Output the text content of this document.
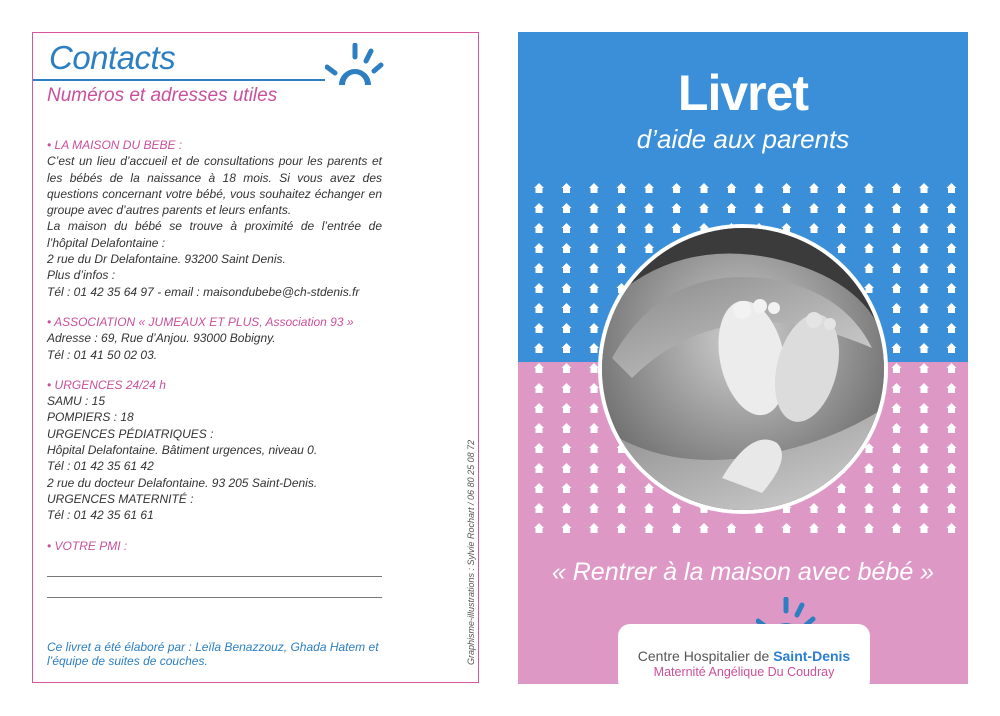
Contacts
Numéros et adresses utiles

• LA MAISON DU BEBE :

C’est un lieu d’accueil et de consultations pour les parents et les bébés de la naissance à 18 mois. Si vous avez des questions concernant votre bébé, vous souhaitez échanger en groupe avec d’autres parents et leurs enfants.

La maison du bébé se trouve à proximité de l’entrée de l’hôpital Delafontaine :

2 rue du Dr Delafontaine. 93200 Saint Denis.

Plus d’infos :

Tél : 01 42 35 64 97 - email : maisondubebe@ch-stdenis.fr

• ASSOCIATION « JUMEAUX ET PLUS, Association 93 »

Adresse : 69, Rue d’Anjou. 93000 Bobigny.

Tél : 01 41 50 02 03.

• URGENCES 24/24 h

SAMU : 15

POMPIERS : 18

URGENCES PÉDIATRIQUES :

Hôpital Delafontaine. Bâtiment urgences, niveau 0.

Tél : 01 42 35 61 42

2 rue du docteur Delafontaine. 93 205 Saint-Denis.

URGENCES MATERNITÉ :

Tél : 01 42 35 61 61

• VOTRE PMI :

Ce livret a été élaboré par : Leïla Benazzouz, Ghada Hatem et l’équipe de suites de couches.	Graphisme-illustrations : Sylvie Rochart / 06 80 25 08 72
Livret
d’aide aux parents
« Rentrer à la maison avec bébé »
Centre Hospitalier de Saint-Denis
Maternité Angélique Du Coudray
